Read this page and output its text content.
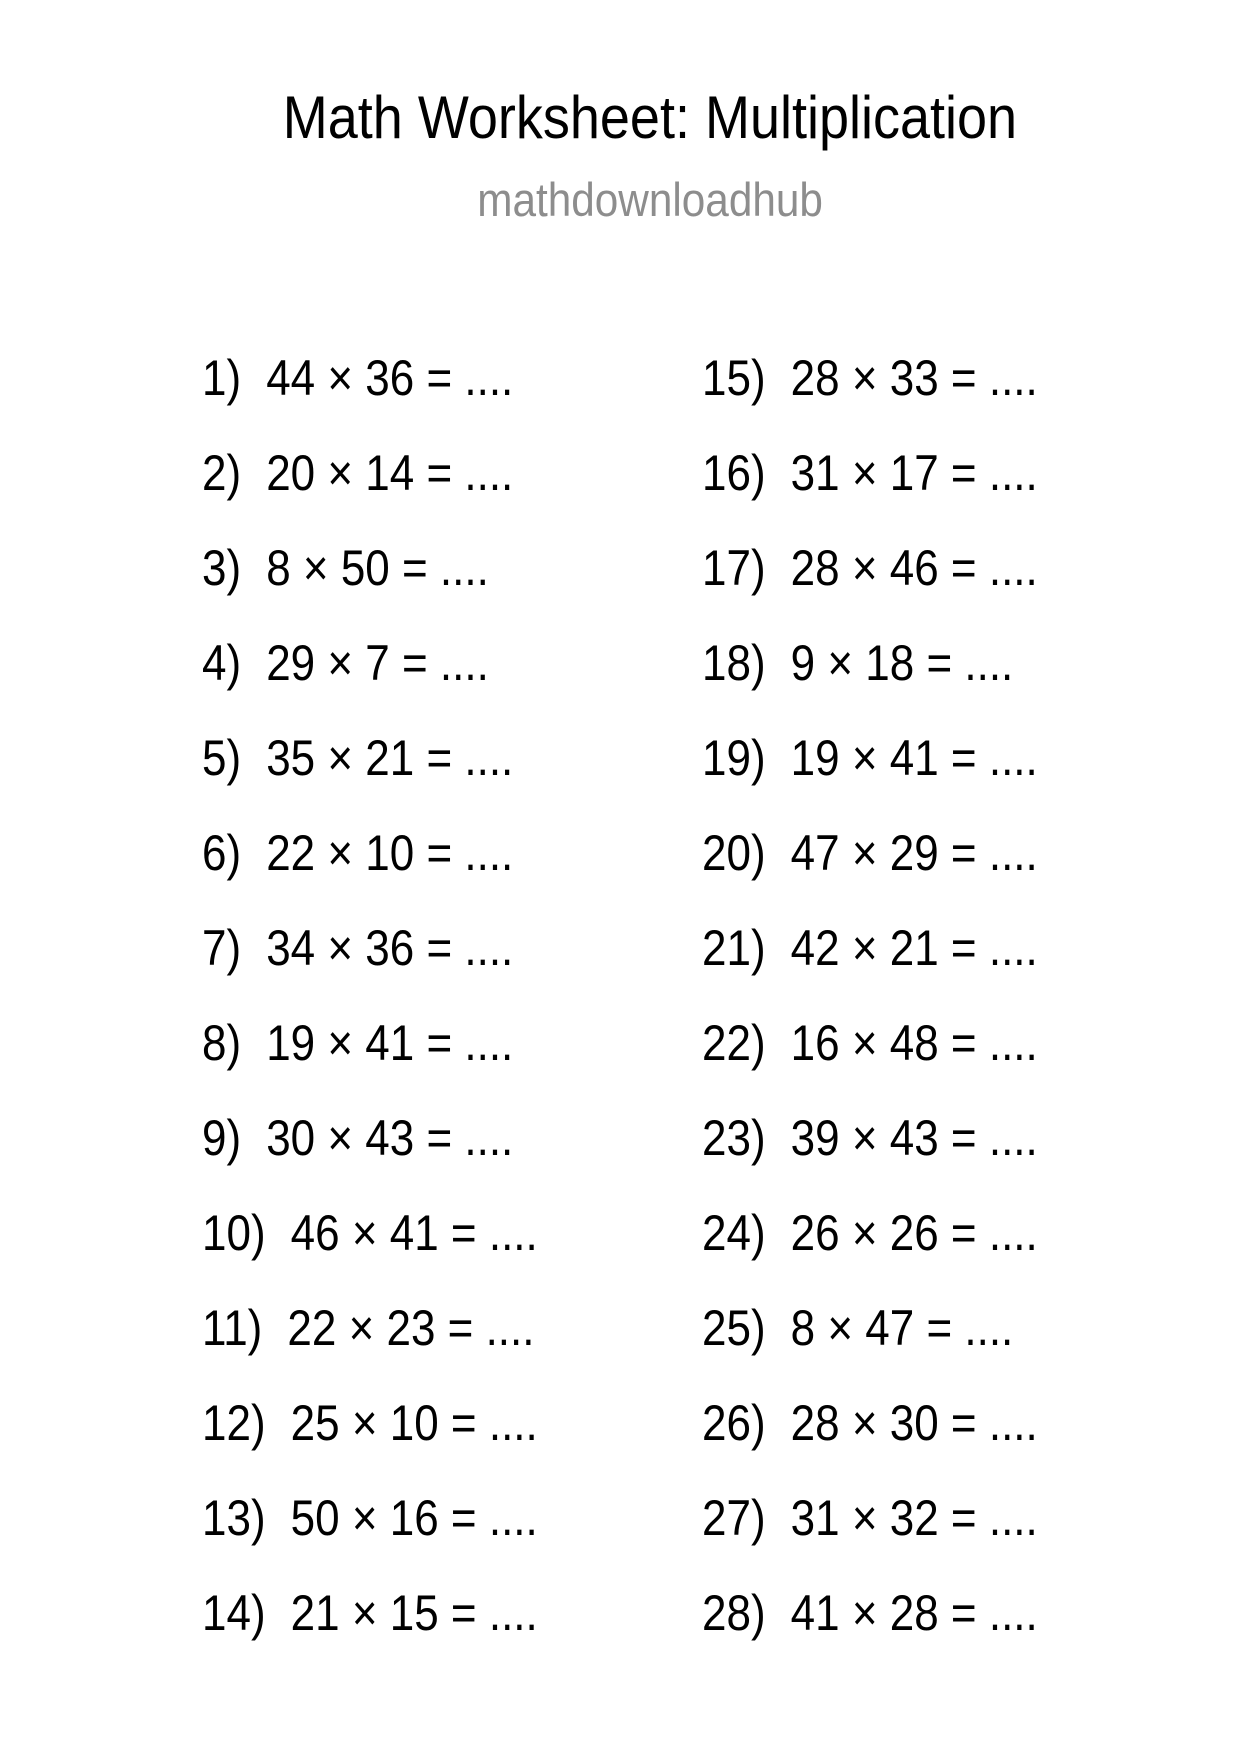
Math Worksheet: Multiplication
mathdownloadhub
1) 44 × 36 = ....
2) 20 × 14 = ....
3) 8 × 50 = ....
4) 29 × 7 = ....
5) 35 × 21 = ....
6) 22 × 10 = ....
7) 34 × 36 = ....
8) 19 × 41 = ....
9) 30 × 43 = ....
10) 46 × 41 = ....
11) 22 × 23 = ....
12) 25 × 10 = ....
13) 50 × 16 = ....
14) 21 × 15 = ....
15) 28 × 33 = ....
16) 31 × 17 = ....
17) 28 × 46 = ....
18) 9 × 18 = ....
19) 19 × 41 = ....
20) 47 × 29 = ....
21) 42 × 21 = ....
22) 16 × 48 = ....
23) 39 × 43 = ....
24) 26 × 26 = ....
25) 8 × 47 = ....
26) 28 × 30 = ....
27) 31 × 32 = ....
28) 41 × 28 = ....
